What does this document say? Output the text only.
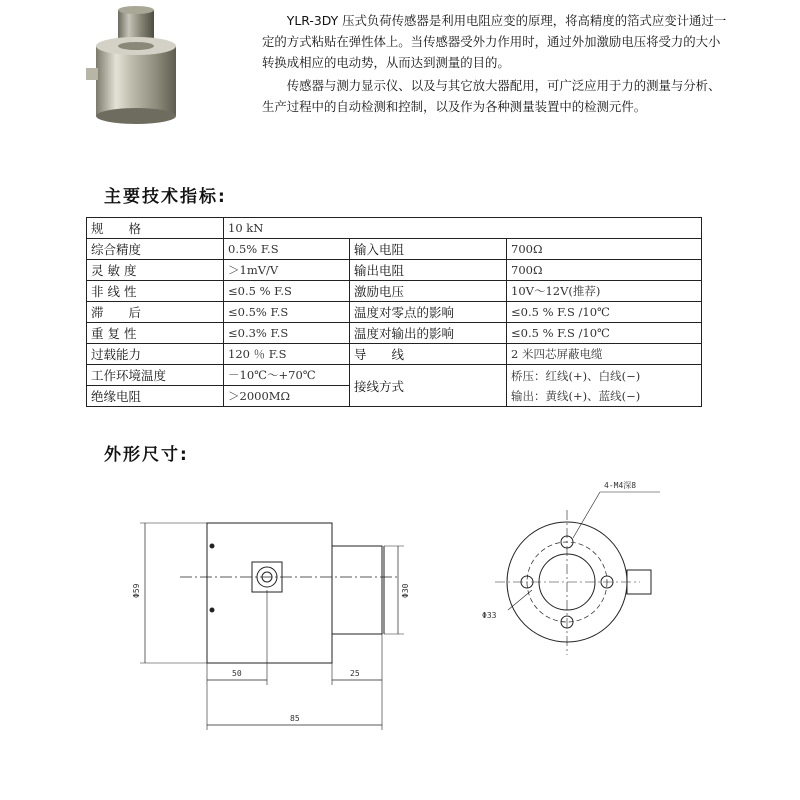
YLR-3DY 压式负荷传感器是利用电阻应变的原理，将高精度的箔式应变计通过一定的方式粘贴在弹性体上。当传感器受外力作用时，通过外加激励电压将受力的大小转换成相应的电动势，从而达到测量的目的。

传感器与测力显示仪、以及与其它放大器配用，可广泛应用于力的测量与分析、生产过程中的自动检测和控制，以及作为各种测量装置中的检测元件。

主要技术指标:
规　　格	10 kN		
综合精度	0.5% F.S	输入电阻	700Ω
灵 敏 度	＞1mV/V	输出电阻	700Ω
非 线 性	≤0.5 % F.S	激励电压	10V～12V(推荐)
滞　　后	≤0.5% F.S	温度对零点的影响	≤0.5 % F.S /10℃
重 复 性	≤0.3% F.S	温度对输出的影响	≤0.5 % F.S /10℃
过载能力	120 ％ F.S	导　　线	2 米四芯屏蔽电缆
工作环境温度	－10℃～+70℃	接线方式	桥压：红线(+)、白线(−)
输出：黄线(+)、蓝线(−)

绝缘电阻	＞2000MΩ		
外形尺寸:
Φ59	Φ30
50	25
85
4-M4深8
Φ33
